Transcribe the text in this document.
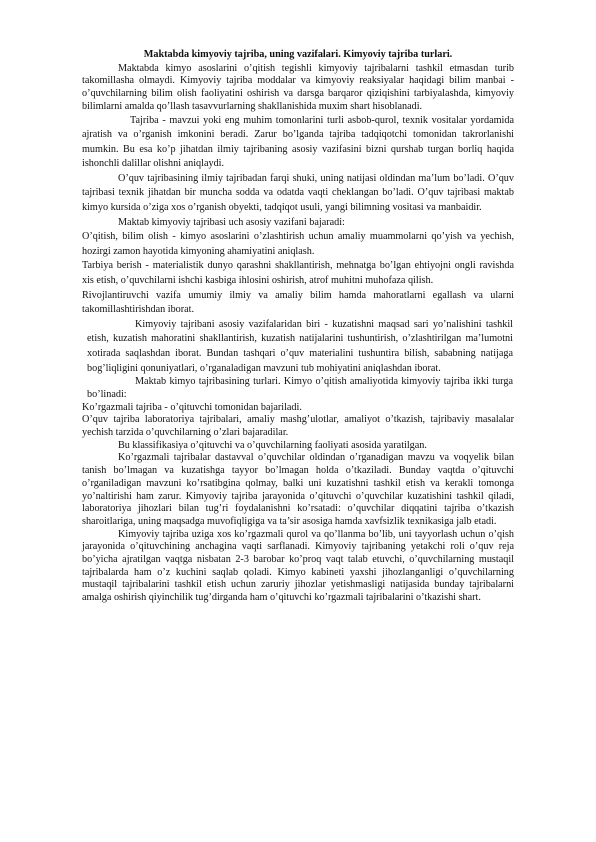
Maktabda kimyoviy tajriba, uning vazifalari. Kimyoviy tajriba turlari.

Maktabda kimyo asoslarini o’qitish tegishli kimyoviy tajribalarni tashkil etmasdan turib takomillasha olmaydi. Kimyoviy tajriba moddalar va kimyoviy reaksiyalar haqidagi bilim manbai - o’quvchilarning bilim olish faoliyatini oshirish va darsga barqaror qiziqishini tarbiyalashda, kimyoviy bilimlarni amalda qo’llash tasavvurlarning shakllanishida muxim shart hisoblanadi.

Tajriba - mavzui yoki eng muhim tomonlarini turli asbob-qurol, texnik vositalar yordamida ajratish va o’rganish imkonini beradi. Zarur bo’lganda tajriba tadqiqotchi tomonidan takrorlanishi mumkin. Bu esa ko’p jihatdan ilmiy tajribaning asosiy vazifasini bizni qurshab turgan borliq haqida ishonchli dalillar olishni aniqlaydi.

O’quv tajribasining ilmiy tajribadan farqi shuki, uning natijasi oldindan ma’lum bo’ladi. O’quv tajribasi texnik jihatdan bir muncha sodda va odatda vaqti cheklangan bo’ladi. O’quv tajribasi maktab kimyo kursida o’ziga xos o’rganish obyekti, tadqiqot usuli, yangi bilimning vositasi va manbaidir.

Maktab kimyoviy tajribasi uch asosiy vazifani bajaradi:

O’qitish, bilim olish - kimyo asoslarini o’zlashtirish uchun amaliy muammolarni qo’yish va yechish, hozirgi zamon hayotida kimyoning ahamiyatini aniqlash.

Tarbiya berish - materialistik dunyo qarashni shakllantirish, mehnatga bo’lgan ehtiyojni ongli ravishda xis etish, o’quvchilarni ishchi kasbiga ihlosini oshirish, atrof muhitni muhofaza qilish.

Rivojlantiruvchi vazifa umumiy ilmiy va amaliy bilim hamda mahoratlarni egallash va ularni takomillashtirishdan iborat.

Kimyoviy tajribani asosiy vazifalaridan biri - kuzatishni maqsad sari yo’nalishini tashkil etish, kuzatish mahoratini shakllantirish, kuzatish natijalarini tushuntirish, o’zlashtirilgan ma’lumotni xotirada saqlashdan iborat. Bundan tashqari o’quv materialini tushuntira bilish, sababning natijaga bog’liqligini qonuniyatlari, o’rganaladigan mavzuni tub mohiyatini aniqlashdan iborat.

Maktab kimyo tajribasining turlari. Kimyo o’qitish amaliyotida kimyoviy tajriba ikki turga bo’linadi:

Ko’rgazmali tajriba - o’qituvchi tomonidan bajariladi.

O’quv tajriba laboratoriya tajribalari, amaliy mashg’ulotlar, amaliyot o’tkazish, tajribaviy masalalar yechish tarzida o’quvchilarning o’zlari bajaradilar.

Bu klassifikasiya o’qituvchi va o’quvchilarning faoliyati asosida yaratilgan.

Ko’rgazmali tajribalar dastavval o’quvchilar oldindan o’rganadigan mavzu va voqyelik bilan tanish bo’lmagan va kuzatishga tayyor bo’lmagan holda o’tkaziladi. Bunday vaqtda o’qituvchi o’rganiladigan mavzuni ko’rsatibgina qolmay, balki uni kuzatishni tashkil etish va kerakli tomonga yo’naltirishi ham zarur. Kimyoviy tajriba jarayonida o’qituvchi o’quvchilar kuzatishini tashkil qiladi, laboratoriya jihozlari bilan tug’ri foydalanishni ko’rsatadi: o’quvchilar diqqatini tajriba o’tkazish sharoitlariga, uning maqsadga muvofiqligiga va ta’sir asosiga hamda xavfsizlik texnikasiga jalb etadi.

Kimyoviy tajriba uziga xos ko’rgazmali qurol va qo’llanma bo’lib, uni tayyorlash uchun o’qish jarayonida o’qituvchining anchagina vaqti sarflanadi. Kimyoviy tajribaning yetakchi roli o’quv reja bo’yicha ajratilgan vaqtga nisbatan 2-3 barobar ko’proq vaqt talab etuvchi, o’quvchilarning mustaqil tajribalarda ham o’z kuchini saqlab qoladi. Kimyo kabineti yaxshi jihozlanganligi o’quvchilarning mustaqil tajribalarini tashkil etish uchun zaruriy jihozlar yetishmasligi natijasida bunday tajribalarni amalga oshirish qiyinchilik tug’dirganda ham o’qituvchi ko’rgazmali tajribalarini o’tkazishi shart.
